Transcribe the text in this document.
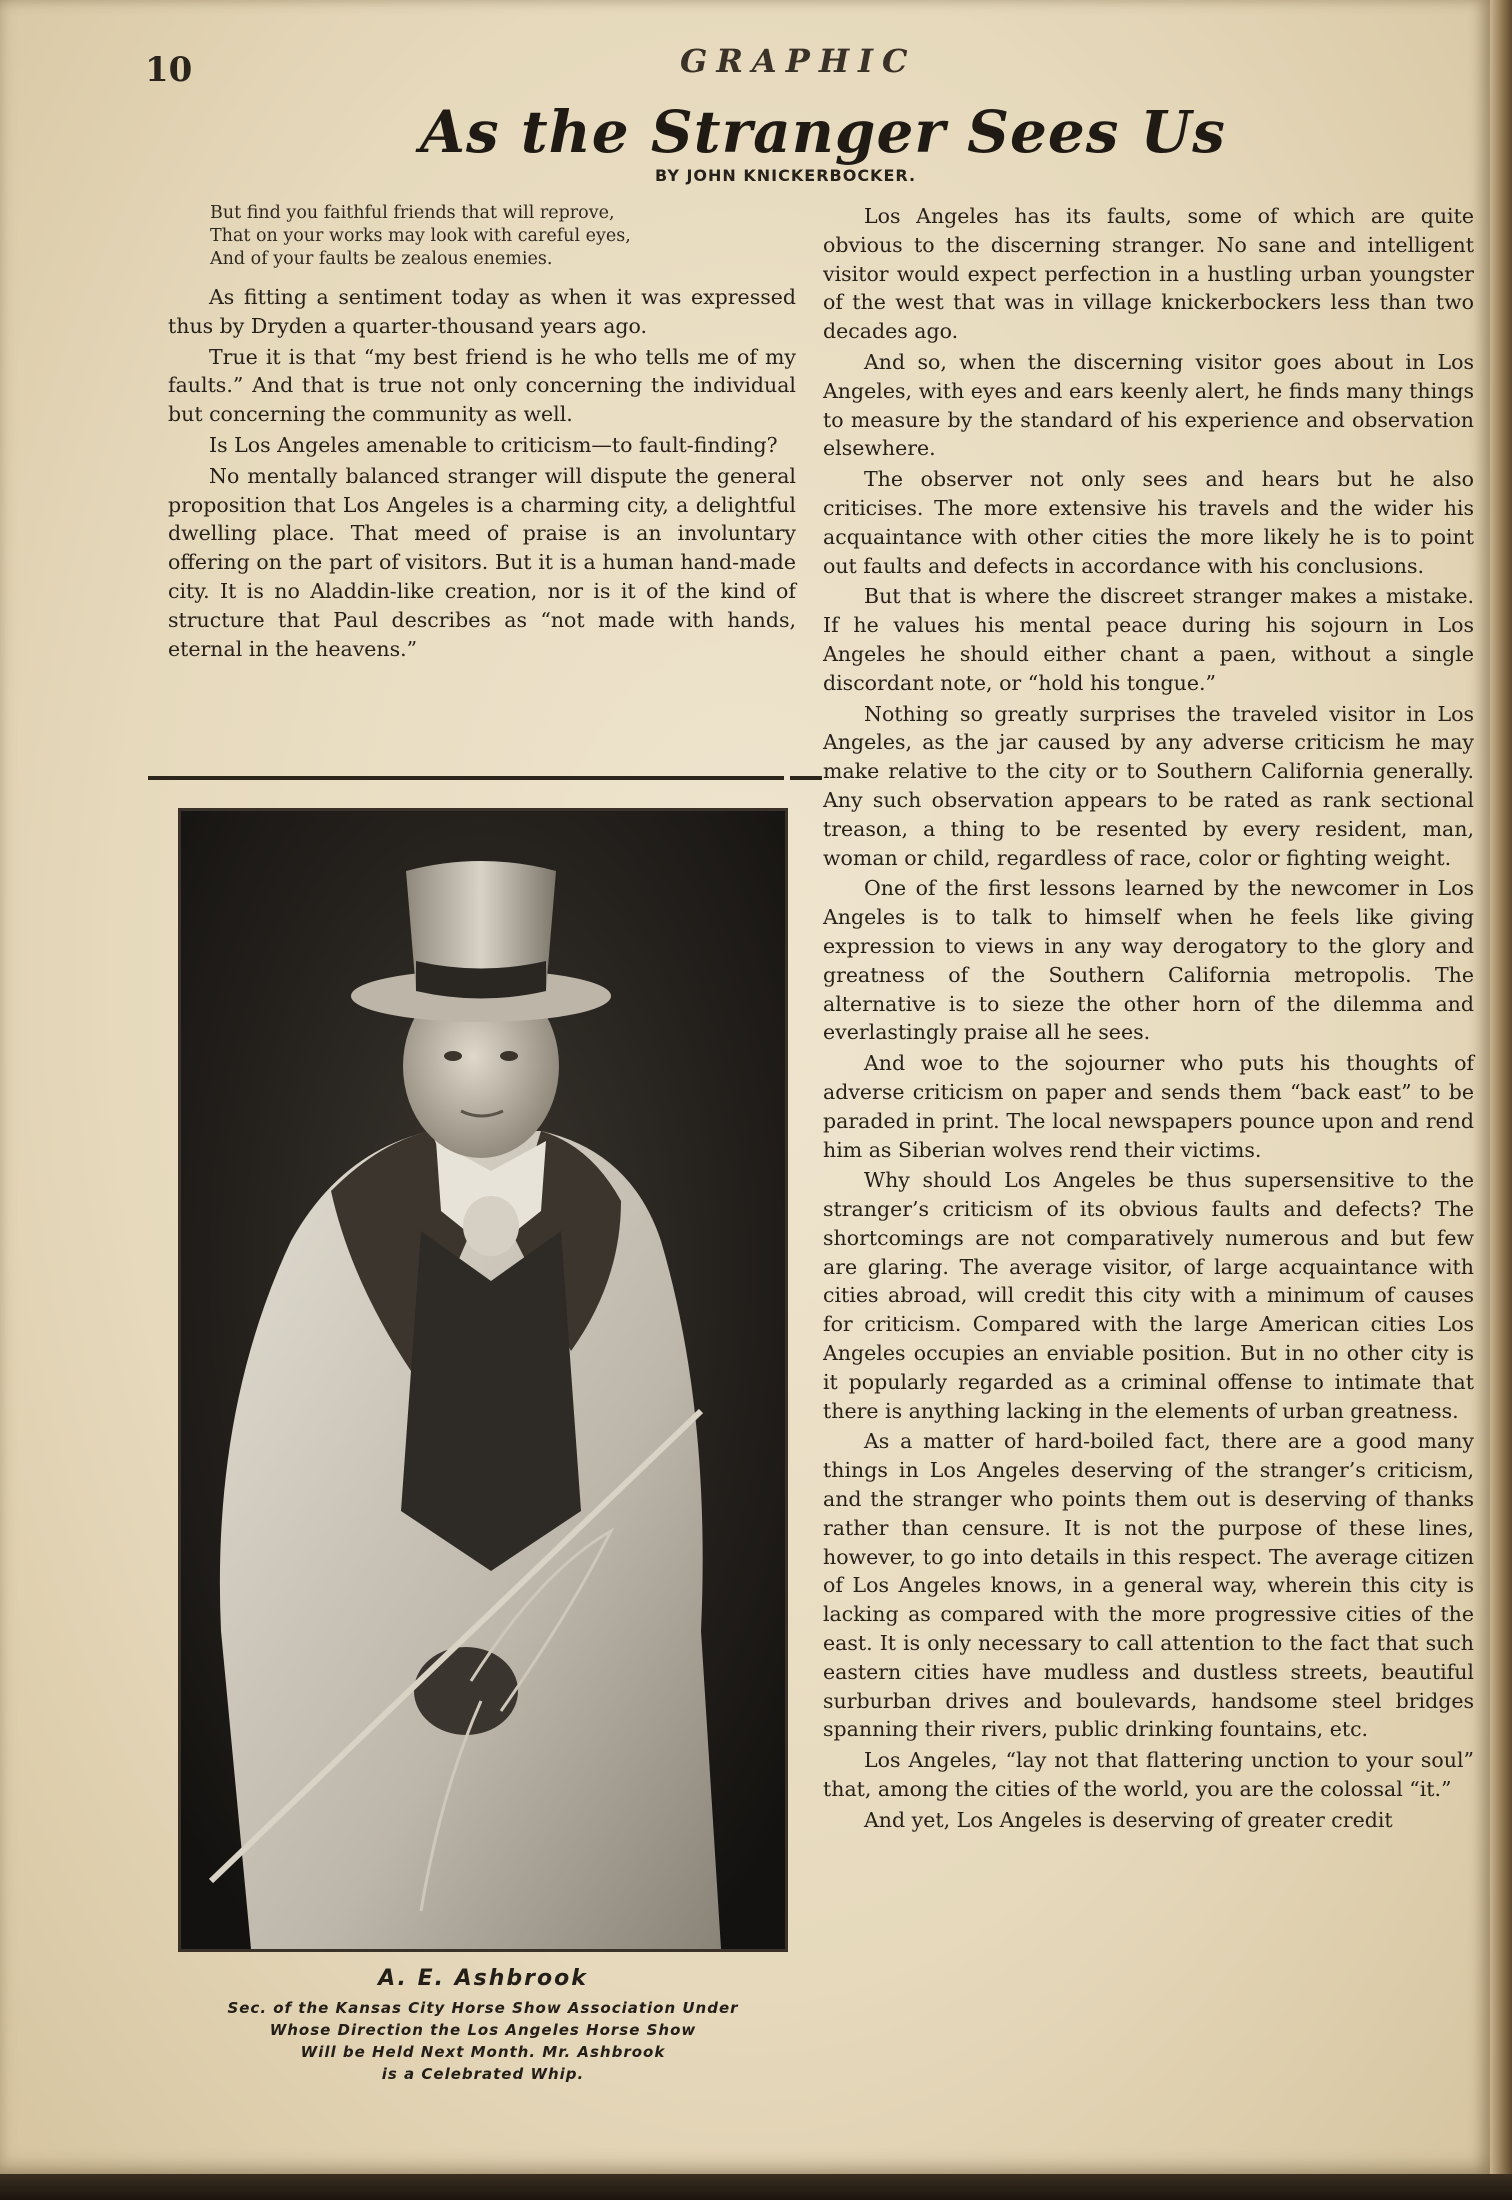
10	GRAPHIC
As the Stranger Sees Us
BY JOHN KNICKERBOCKER.
But find you faithful friends that will reprove,
That on your works may look with careful eyes,
And of your faults be zealous enemies.

As fitting a sentiment today as when it was expressed thus by Dryden a quarter-thousand years ago.

True it is that “my best friend is he who tells me of my faults.” And that is true not only concerning the individual but concerning the community as well.

Is Los Angeles amenable to criticism—to fault-finding?

No mentally balanced stranger will dispute the general proposition that Los Angeles is a charming city, a delightful dwelling place. That meed of praise is an involuntary offering on the part of visitors. But it is a human hand-made city. It is no Aladdin-like creation, nor is it of the kind of structure that Paul describes as “not made with hands, eternal in the heavens.”

A. E. Ashbrook
Sec. of the Kansas City Horse Show Association Under
Whose Direction the Los Angeles Horse Show
Will be Held Next Month. Mr. Ashbrook
is a Celebrated Whip.

Los Angeles has its faults, some of which are quite obvious to the discerning stranger. No sane and intelligent visitor would expect perfection in a hustling urban youngster of the west that was in village knickerbockers less than two decades ago.

And so, when the discerning visitor goes about in Los Angeles, with eyes and ears keenly alert, he finds many things to measure by the standard of his experience and observation elsewhere.

The observer not only sees and hears but he also criticises. The more extensive his travels and the wider his acquaintance with other cities the more likely he is to point out faults and defects in accordance with his conclusions.

But that is where the discreet stranger makes a mistake. If he values his mental peace during his sojourn in Los Angeles he should either chant a paen, without a single discordant note, or “hold his tongue.”

Nothing so greatly surprises the traveled visitor in Los Angeles, as the jar caused by any adverse criticism he may make relative to the city or to Southern California generally. Any such observation appears to be rated as rank sectional treason, a thing to be resented by every resident, man, woman or child, regardless of race, color or fighting weight.

One of the first lessons learned by the newcomer in Los Angeles is to talk to himself when he feels like giving expression to views in any way derogatory to the glory and greatness of the Southern California metropolis. The alternative is to sieze the other horn of the dilemma and everlastingly praise all he sees.

And woe to the sojourner who puts his thoughts of adverse criticism on paper and sends them “back east” to be paraded in print. The local newspapers pounce upon and rend him as Siberian wolves rend their victims.

Why should Los Angeles be thus supersensitive to the stranger’s criticism of its obvious faults and defects? The shortcomings are not comparatively numerous and but few are glaring. The average visitor, of large acquaintance with cities abroad, will credit this city with a minimum of causes for criticism. Compared with the large American cities Los Angeles occupies an enviable position. But in no other city is it popularly regarded as a criminal offense to intimate that there is anything lacking in the elements of urban greatness.

As a matter of hard-boiled fact, there are a good many things in Los Angeles deserving of the stranger’s criticism, and the stranger who points them out is deserving of thanks rather than censure. It is not the purpose of these lines, however, to go into details in this respect. The average citizen of Los Angeles knows, in a general way, wherein this city is lacking as compared with the more progressive cities of the east. It is only necessary to call attention to the fact that such eastern cities have mudless and dustless streets, beautiful surburban drives and boulevards, handsome steel bridges spanning their rivers, public drinking fountains, etc.

Los Angeles, “lay not that flattering unction to your soul” that, among the cities of the world, you are the colossal “it.”

And yet, Los Angeles is deserving of greater credit
